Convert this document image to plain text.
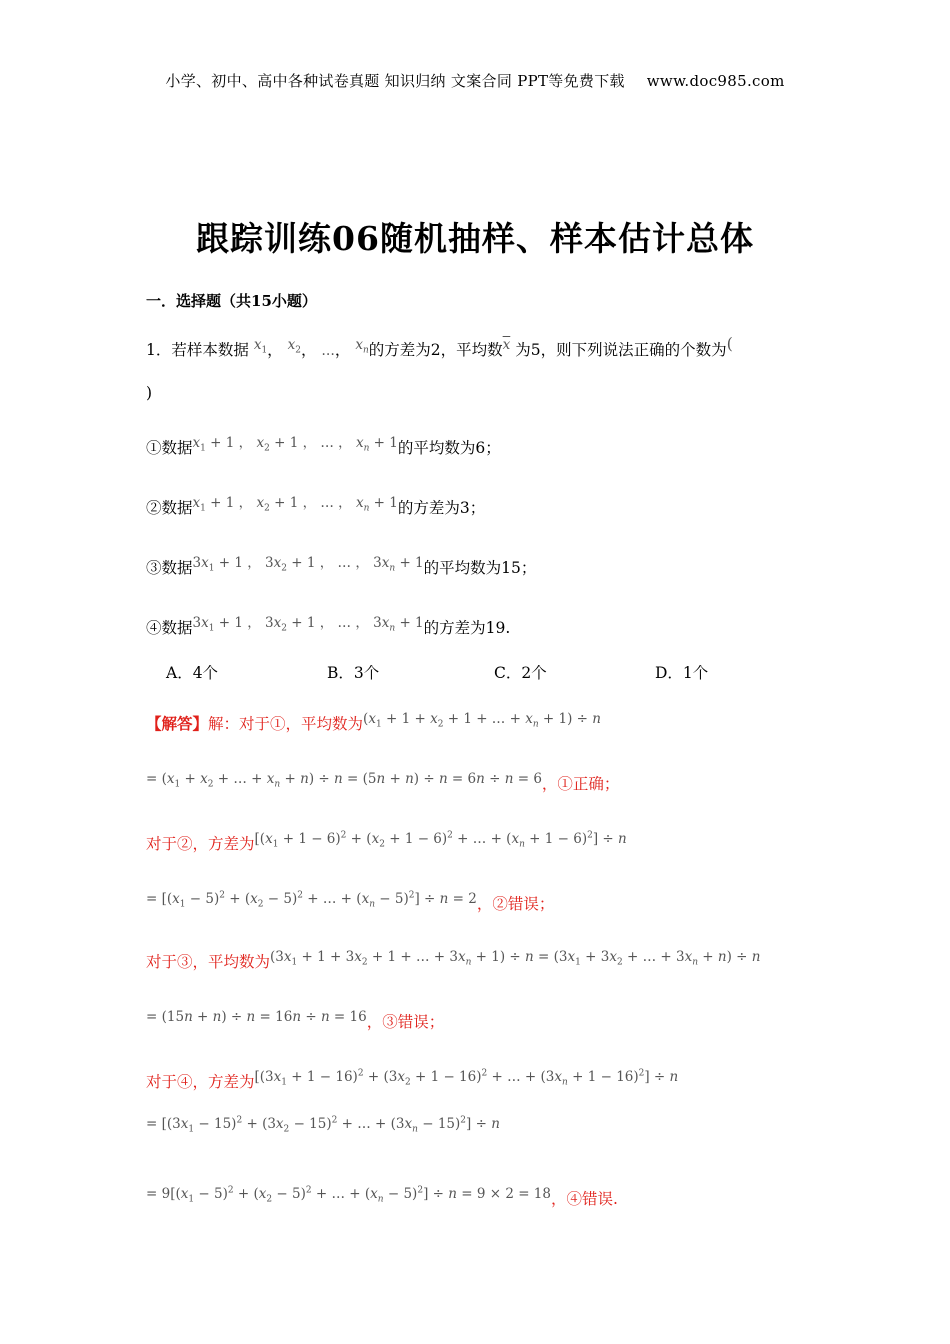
小学、初中、高中各种试卷真题 知识归纳 文案合同 PPT等免费下载 www.doc985.com
跟踪训练06随机抽样、样本估计总体
一．选择题（共15小题）
1．若样本数据 $x_1$， $x_2$， …， $x_n$的方差为2，平均数$\overline{x}$ 为5，则下列说法正确的个数为(
)
①数据$x_1 + 1$ ， $x_2 + 1$ ， … ， $x_n + 1$的平均数为6；
②数据$x_1 + 1$ ， $x_2 + 1$ ， … ， $x_n + 1$的方差为3；
③数据$3x_1 + 1$ ， $3x_2 + 1$ ， … ， $3x_n + 1$的平均数为15；
④数据$3x_1 + 1$ ， $3x_2 + 1$ ， … ， $3x_n + 1$的方差为19.
A．4个	B．3个	C．2个	D．1个
【解答】解：对于①，平均数为($x_1 + 1 + x_2 + 1$ + … + $x_n + 1) \div n$
= ($x_1 + x_2$ + … + $x_n + n) \div n = (5n + n) \div n = 6n \div n = 6$，①正确；
对于②，方差为[$(x_1 + 1 - 6)^2 + (x_2 + 1 - 6)^2$ + … + $(x_n + 1 - 6)^2] \div n$
= [$(x_1 - 5)^2 + (x_2 - 5)^2$ + … + $(x_n - 5)^2] \div n = 2$，②错误；
对于③，平均数为($3x_1 + 1 + 3x_2 + 1$ + … + $3x_n + 1) \div n = (3x_1 + 3x_2$ + … + $3x_n + n) \div n$
= (15n + n) ÷ n = 16n ÷ n = 16，③错误；
对于④，方差为[$(3x_1 + 1 - 16)^2 + (3x_2 + 1 - 16)^2$ + … + $(3x_n + 1 - 16)^2] \div n$
= [$(3x_1 - 15)^2 + (3x_2 - 15)^2$ + … + $(3x_n - 15)^2] \div n$
= $9[(x_1 - 5)^2 + (x_2 - 5)^2$ + … + $(x_n - 5)^2] \div n = 9 \times 2 = 18$，④错误.
